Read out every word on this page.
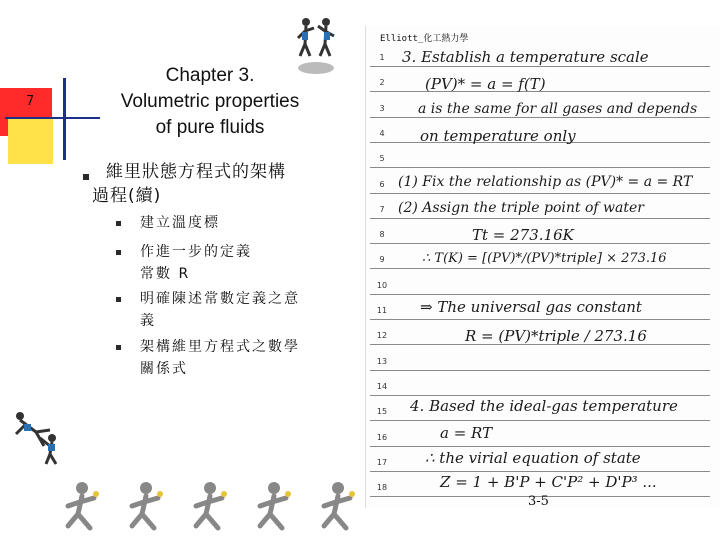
7
Chapter 3.
Volumetric properties
of pure fluids
維里狀態方程式的架構
過程(續)
建立溫度標
作進一步的定義
常數 R
明確陳述常數定義之意
義
架構維里方程式之數學
關係式
Elliott_化工熱力學
1
2
3
4
5
6
7
8
9
10
11
12
13
14
15
16
17
18
3. Establish a temperature scale
(PV)* = a = f(T)
a is the same for all gases and depends
on temperature only
(1) Fix the relationship as (PV)* = a = RT
(2) Assign the triple point of water
Tt = 273.16K
∴ T(K) = [(PV)*/(PV)*triple] × 273.16
⇒ The universal gas constant
R = (PV)*triple / 273.16
4. Based the ideal-gas temperature
a = RT
∴ the virial equation of state
Z = 1 + B'P + C'P² + D'P³ ...
3-5
